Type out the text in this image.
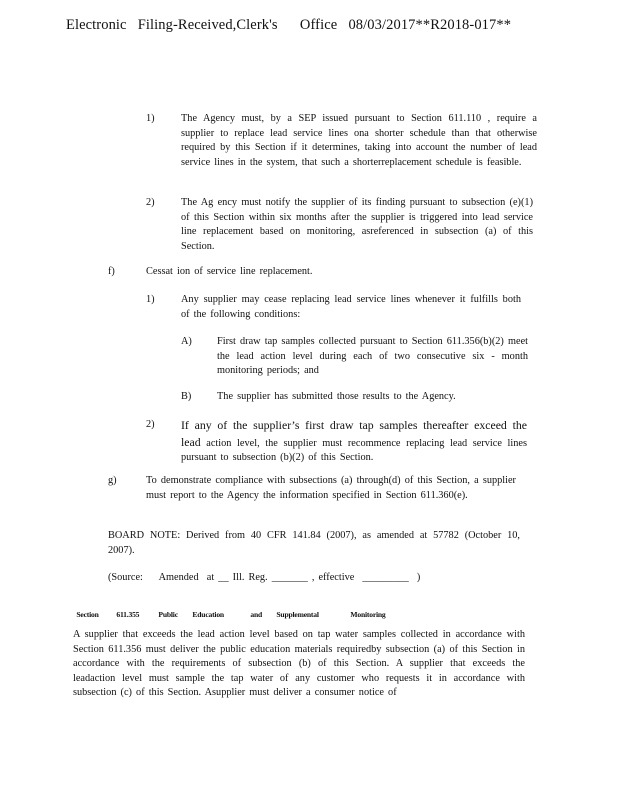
Electronic   Filing-Received,Clerk's      Office   08/03/2017**R2018-017**
1)	The Agency must, by a SEP issued pursuant to Section 611.110 , require a supplier to replace lead service lines ona shorter schedule than that otherwise required by this Section if it determines, taking into account the number of lead service lines in the system, that such a shorterreplacement schedule is feasible.
2)	The Ag ency must notify the supplier of its finding pursuant to subsection (e)(1) of this Section within six months after the supplier is triggered into lead service line replacement based on monitoring, asreferenced in subsection (a) of this Section.
f)	Cessat ion of service line replacement.
1)	Any supplier may cease replacing lead service lines whenever it fulfills both of the following conditions:
A) First draw tap samples collected pursuant to Section 611.356(b)(2) meet the lead action level during each of two consecutive six - month monitoring periods; and
B) The supplier has submitted those results to the Agency.
2) If any of the supplier’s first draw tap samples thereafter exceed the lead action level, the supplier must recommence replacing lead service lines pursuant to subsection (b)(2) of this Section.
g)	To demonstrate compliance with subsections (a) through(d) of this Section, a supplier must report to the Agency the information specified in Section 611.360(e).
BOARD NOTE: Derived from 40 CFR 141.84 (2007), as amended at 57782 (October 10, 2007).
(Source:    Amended  at __ Ill. Reg. _______ , effective  _________  )

Section 611.355	Public Education	and Supplemental	Monitoring

A supplier that exceeds the lead action level based on tap water samples collected in accordance with Section 611.356 must deliver the public education materials requiredby subsection (a) of this Section in accordance with the requirements of subsection (b) of this Section. A supplier that exceeds the leadaction level must sample the tap water of any customer who requests it in accordance with subsection (c) of this Section. Asupplier must deliver a consumer notice of
